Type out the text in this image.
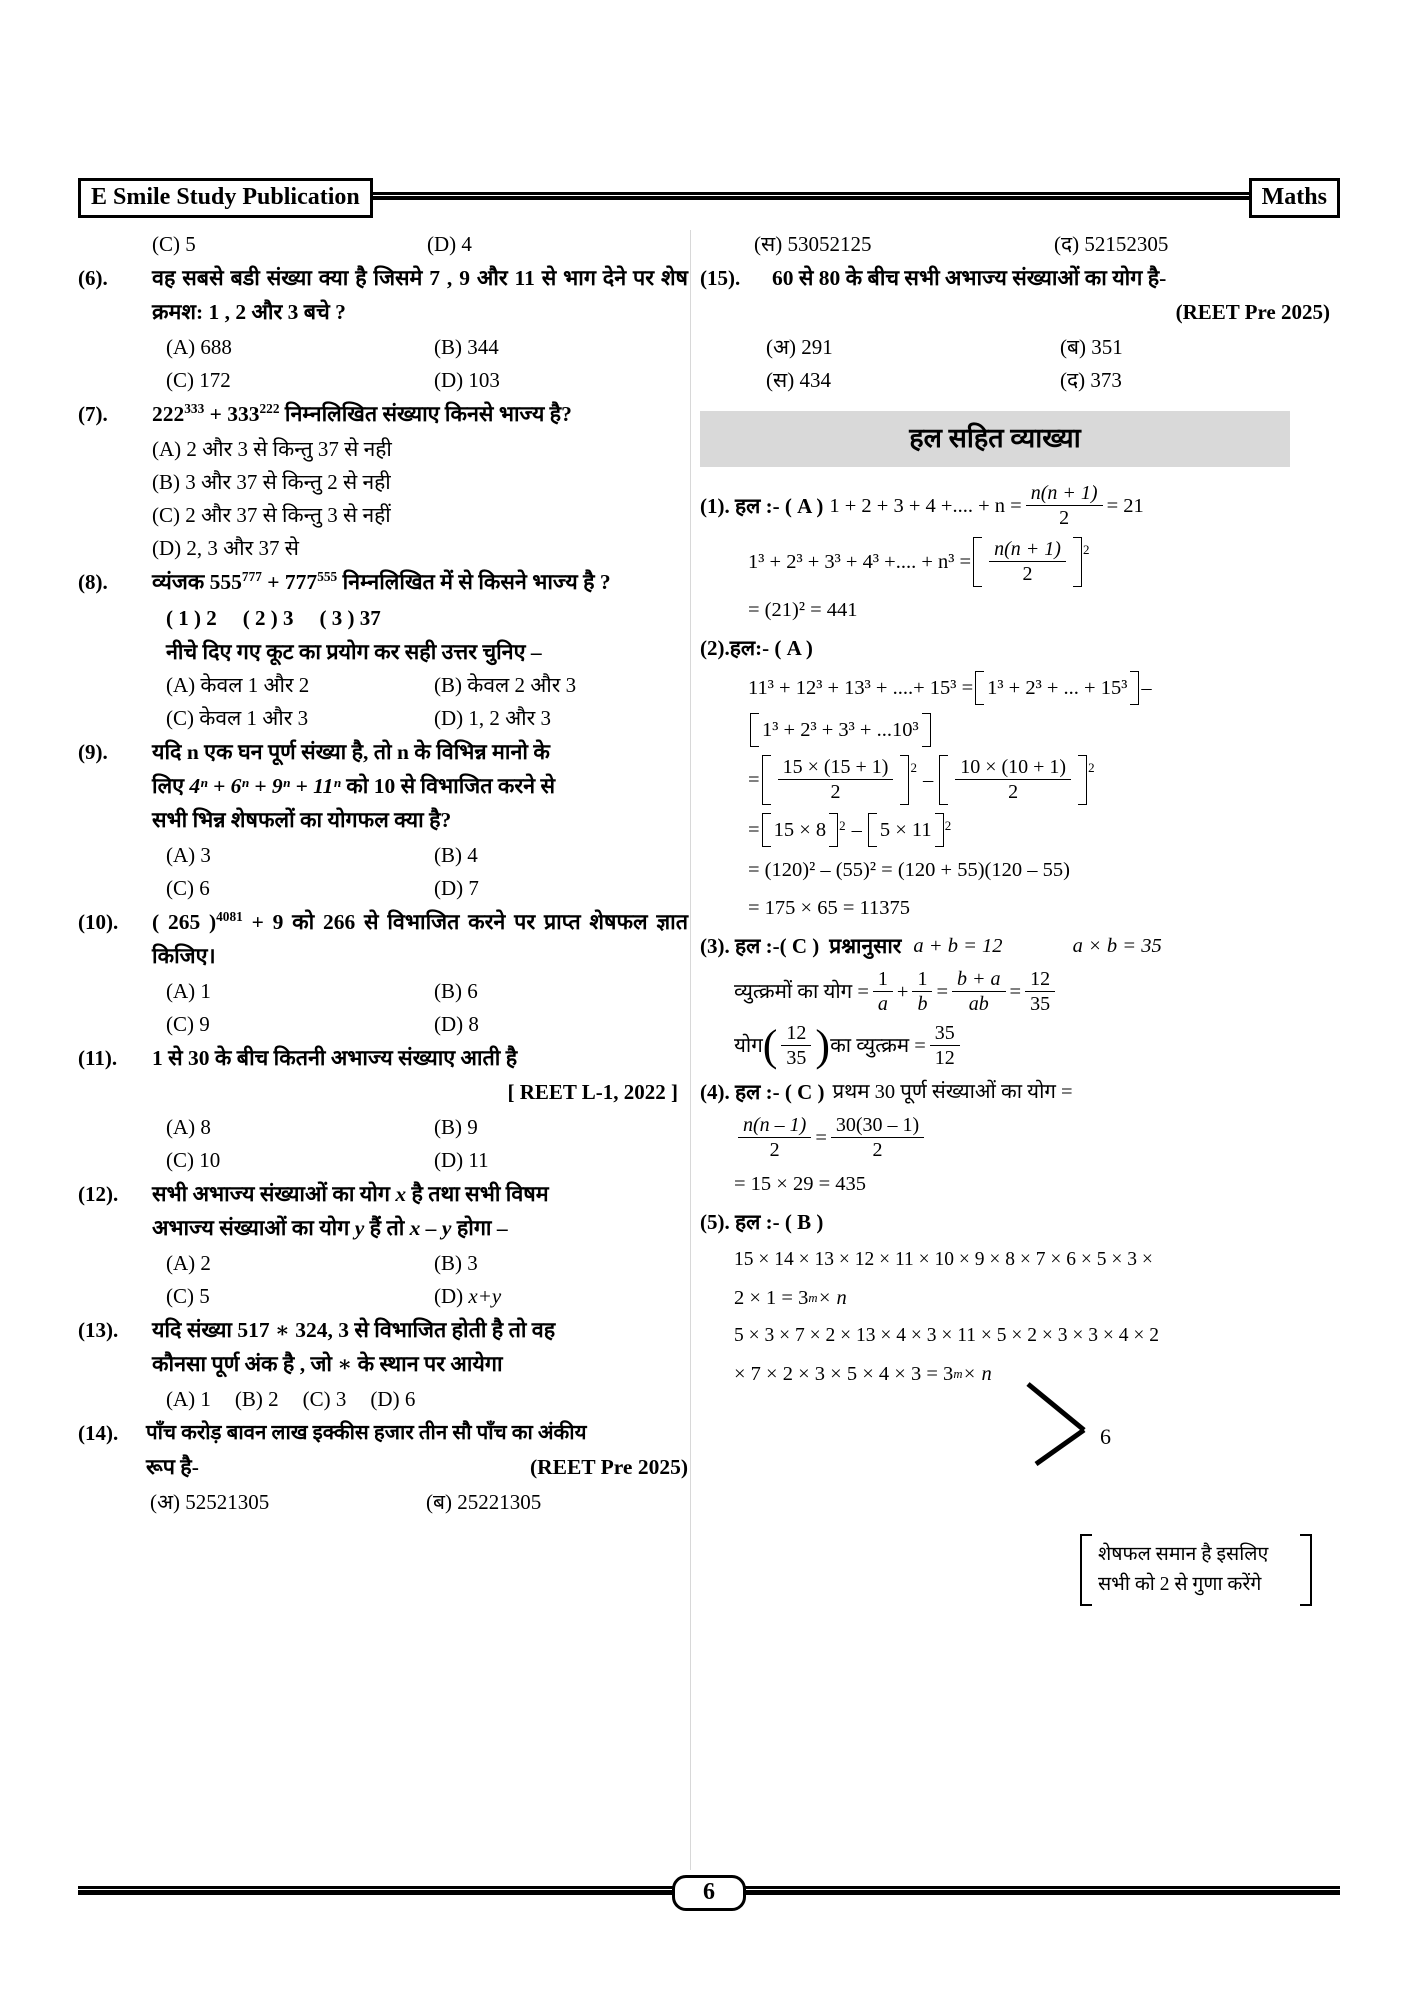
E Smile Study Publication	Maths
(C) 5	(D) 4
(6).	वह सबसे बडी संख्या क्या है जिसमे 7 , 9 और 11 से भाग देने पर शेष क्रमश: 1 , 2 और 3 बचे ?
(A) 688	(B) 344
(C) 172	(D) 103
(7).	$222^{333} + 333^{222}$ निम्नलिखित संख्याए किनसे भाज्य है?
(A) 2 और 3 से किन्तु 37 से नही
(B) 3 और 37 से किन्तु 2 से नही
(C) 2 और 37 से किन्तु 3 से नहीं
(D) 2, 3 और 37 से
(8).	व्यंजक $555^{777} + 777^{555}$ निम्नलिखित में से किसने भाज्य है ?
( 1 ) 2 ( 2 ) 3 ( 3 ) 37
नीचे दिए गए कूट का प्रयोग कर सही उत्तर चुनिए –
(A) केवल 1 और 2	(B) केवल 2 और 3
(C) केवल 1 और 3	(D) 1, 2 और 3
(9).	यदि n एक घन पूर्ण संख्या है, तो n के विभिन्न मानो के
लिए 4ⁿ + 6ⁿ + 9ⁿ + 11ⁿ को 10 से विभाजित करने से
सभी भिन्न शेषफलों का योगफल क्या है?
(A) 3	(B) 4
(C) 6	(D) 7
(10).	( 265 )$^{4081}$ + 9 को 266 से विभाजित करने पर प्राप्त शेषफल ज्ञात किजिए।
(A) 1	(B) 6
(C) 9	(D) 8
(11).	1 से 30 के बीच कितनी अभाज्य संख्याए आती है
[ REET L-1, 2022 ]
(A) 8	(B) 9
(C) 10	(D) 11
(12).	सभी अभाज्य संख्याओं का योग x है तथा सभी विषम
अभाज्य संख्याओं का योग y हैं तो x – y होगा –
(A) 2	(B) 3
(C) 5	(D) x+y
(13).	यदि संख्या 517 ∗ 324, 3 से विभाजित होती है तो वह
कौनसा पूर्ण अंक है , जो ∗ के स्थान पर आयेगा
(A) 1 (B) 2 (C) 3 (D) 6
(14).	पॉंच करोड़ बावन लाख इक्कीस हजार तीन सौ पॉंच का अंकीय
रूप है-	(REET Pre 2025)
(अ) 52521305	(ब) 25221305
(स) 53052125	(द) 52152305
(15).	60 से 80 के बीच सभी अभाज्य संख्याओं का योग है-
(REET Pre 2025)
(अ) 291	(ब) 351
(स) 434	(द) 373
हल सहित व्याख्या
(1). हल :- ( A ) 1 + 2 + 3 + 4 +.... + $n = \frac{n(n + 1)}{2} = 21$
1³ + 2³ + 3³ + 4³ +.... + $n^3 = \frac{n(n + 1)}{2} 2$
= (21)² = 441
(2).हल:- ( A )
11³ + 12³ + 13³ + ....+ 15³ = 1³ + 2³ + ... + 15³ –
1³ + 2³ + 3³ + ...10³
= $\frac{15 \times (15 + 1)}{2} 2$
– $\frac{10 \times (10 + 1)}{2} 2$
= 15 × 8 2 – 5 × 11 2
= (120)² – (55)² = (120 + 55)(120 – 55)
= 175 × 65 = 11375
(3). हल :-( C ) प्रश्नानुसार a + b = 12	a × b = 35
व्युत्क्रमों का योग = $\frac{1}{a} + \frac{1}{b} = \frac{b + a}{ab} = \frac{12}{35}$
योग ( $\frac{12}{35}$ ) का व्युत्क्रम = $\frac{35}{12}$
(4). हल :- ( C ) प्रथम 30 पूर्ण संख्याओं का योग =
$\frac{n(n - 1)}{2} = \frac{30(30 - 1)}{2}$
= 15 × 29 = 435
(5). हल :- ( B )
15 × 14 × 13 × 12 × 11 × 10 × 9 × 8 × 7 × 6 × 5 × 3 ×
2 × 1 = 3 m × n
5 × 3 × 7 × 2 × 13 × 4 × 3 × 11 × 5 × 2 × 3 × 3 × 4 × 2
× 7 × 2 × 3 × 5 × 4 × 3 = 3 m × n
6
शेषफल समान है इसलिए सभी को 2 से गुणा करेंगे
6
